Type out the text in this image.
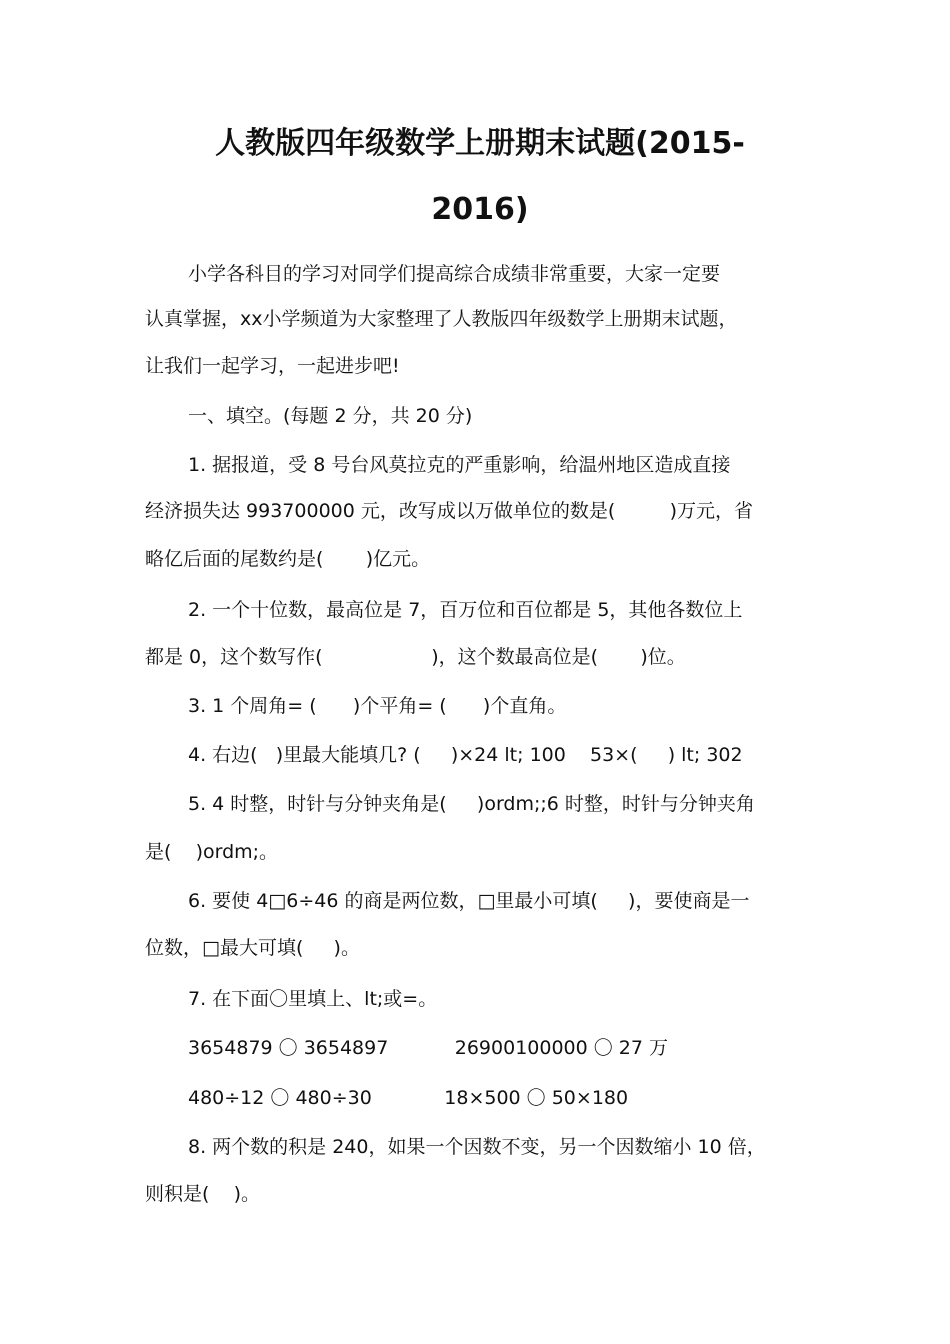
人教版四年级数学上册期末试题(2015-
2016)

小学各科目的学习对同学们提高综合成绩非常重要，大家一定要

认真掌握，xx小学频道为大家整理了人教版四年级数学上册期末试题，

让我们一起学习，一起进步吧!

一、填空。(每题 2 分，共 20 分)

1. 据报道，受 8 号台风莫拉克的严重影响，给温州地区造成直接

经济损失达 993700000 元，改写成以万做单位的数是(         )万元，省

略亿后面的尾数约是(       )亿元。

2. 一个十位数，最高位是 7，百万位和百位都是 5，其他各数位上

都是 0，这个数写作(                  )，这个数最高位是(       )位。

3. 1 个周角= (      )个平角= (      )个直角。

4. 右边(   )里最大能填几? (     )×24 lt; 100    53×(     ) lt; 302

5. 4 时整，时针与分钟夹角是(     )ordm;;6 时整，时针与分钟夹角

是(    )ordm;。

6. 要使 4□6÷46 的商是两位数，□里最小可填(     )，要使商是一

位数，□最大可填(     )。

7. 在下面〇里填上、lt;或=。

3654879 〇 3654897           26900100000 〇 27 万

480÷12 〇 480÷30            18×500 〇 50×180

8. 两个数的积是 240，如果一个因数不变，另一个因数缩小 10 倍，

则积是(    )。
